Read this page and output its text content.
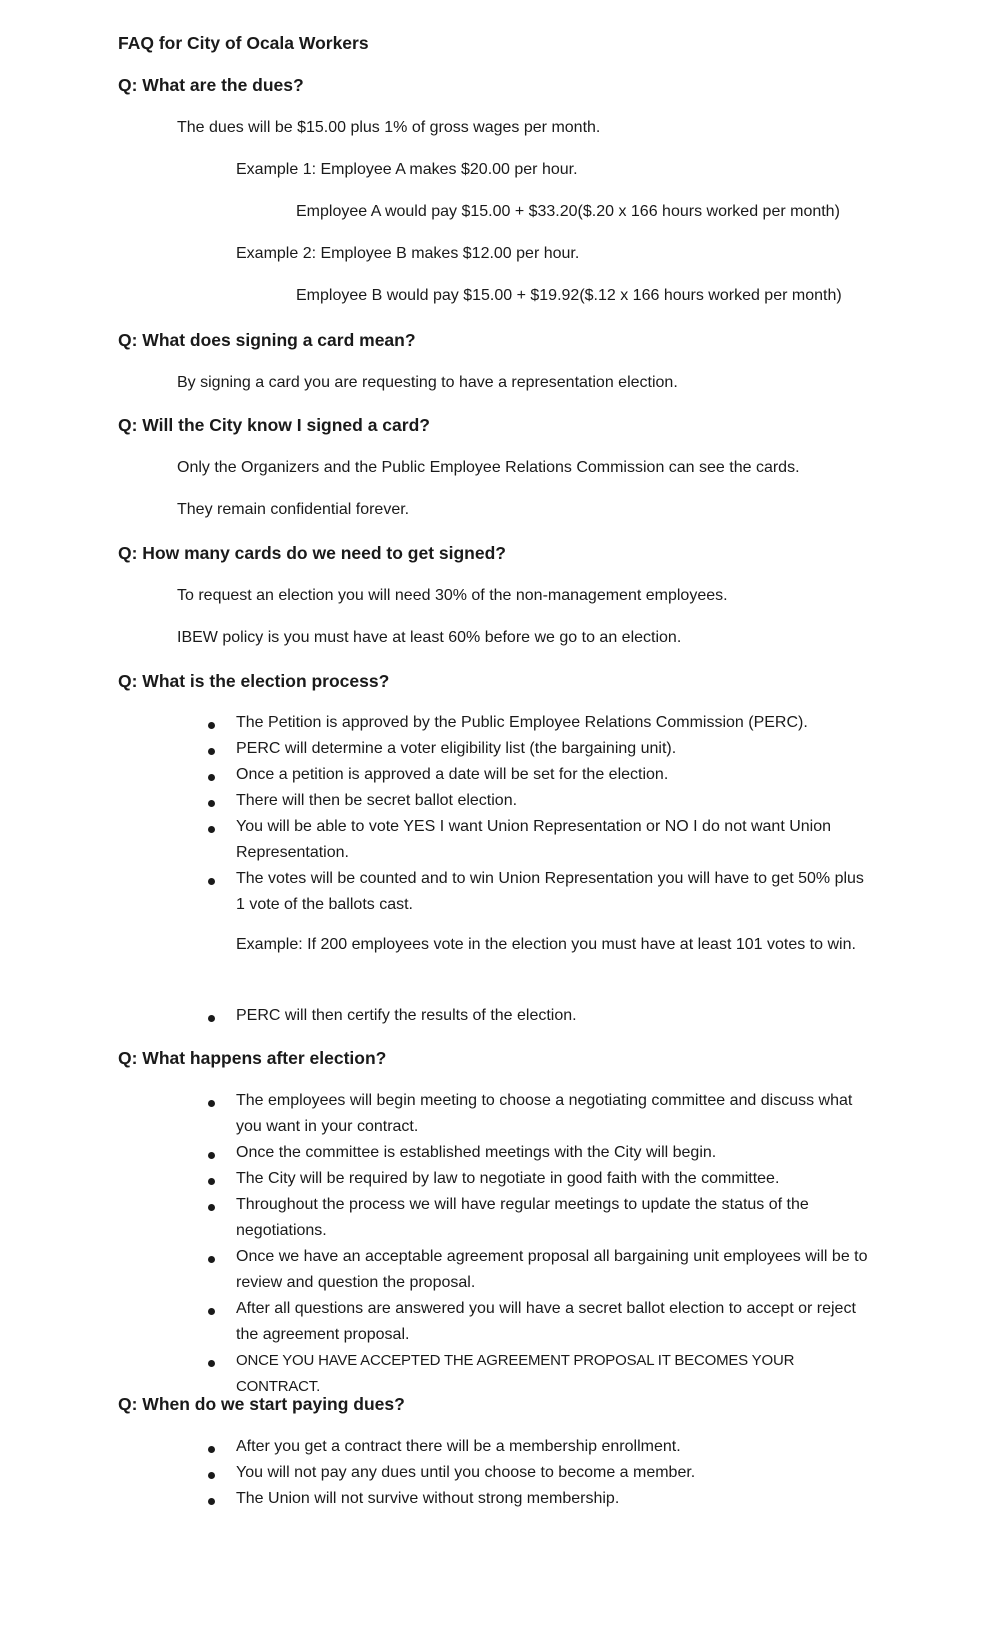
FAQ for City of Ocala Workers
Q: What are the dues?
The dues will be $15.00 plus 1% of gross wages per month.
Example 1: Employee A makes $20.00 per hour.
Employee A would pay $15.00 + $33.20($.20 x 166 hours worked per month)
Example 2: Employee B makes $12.00 per hour.
Employee B would pay $15.00 + $19.92($.12 x 166 hours worked per month)
Q: What does signing a card mean?
By signing a card you are requesting to have a representation election.
Q: Will the City know I signed a card?
Only the Organizers and the Public Employee Relations Commission can see the cards.
They remain confidential forever.
Q: How many cards do we need to get signed?
To request an election you will need 30% of the non-management employees.
IBEW policy is you must have at least 60% before we go to an election.
Q: What is the election process?
The Petition is approved by the Public Employee Relations Commission (PERC).
PERC will determine a voter eligibility list (the bargaining unit).
Once a petition is approved a date will be set for the election.
There will then be secret ballot election.
You will be able to vote YES I want Union Representation or NO I do not want Union Representation.
The votes will be counted and to win Union Representation you will have to get 50% plus 1 vote of the ballots cast.
Example: If 200 employees vote in the election you must have at least 101 votes to win.
PERC will then certify the results of the election.
Q: What happens after election?
The employees will begin meeting to choose a negotiating committee and discuss what you want in your contract.
Once the committee is established meetings with the City will begin.
The City will be required by law to negotiate in good faith with the committee.
Throughout the process we will have regular meetings to update the status of the negotiations.
Once we have an acceptable agreement proposal all bargaining unit employees will be to review and question the proposal.
After all questions are answered you will have a secret ballot election to accept or reject the agreement proposal.
ONCE YOU HAVE ACCEPTED THE AGREEMENT PROPOSAL IT BECOMES YOUR CONTRACT.
Q: When do we start paying dues?
After you get a contract there will be a membership enrollment.
You will not pay any dues until you choose to become a member.
The Union will not survive without strong membership.
